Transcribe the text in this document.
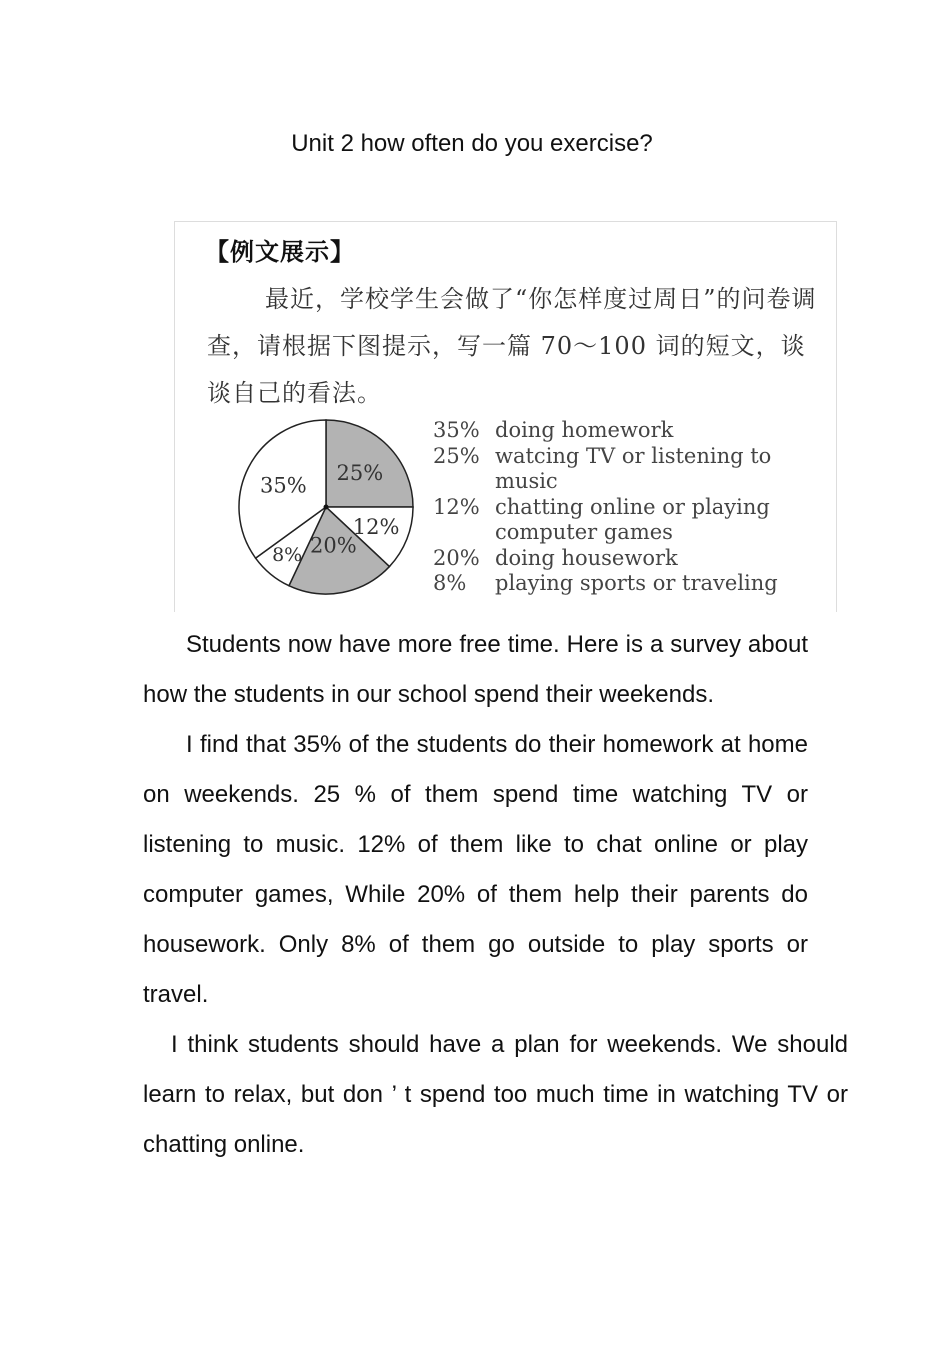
Unit 2 how often do you exercise?
【例文展示】
最近，学校学生会做了“你怎样度过周日”的问卷调查，请根据下图提示，写一篇 70～100 词的短文，谈谈自己的看法。
25%
12%
20%
8%
35%
35% doing homework
25% watcing TV or listening to music
12% chatting online or playing computer games
20% doing housework
8%	playing sports or traveling

Students now have more free time. Here is a survey about how the students in our school spend their weekends.

I find that 35% of the students do their homework at home on weekends. 25 % of them spend time watching TV or listening to music. 12% of them like to chat online or play computer games, While 20% of them help their parents do housework. Only 8% of them go outside to play sports or travel.

I think students should have a plan for weekends. We should learn to relax, but don ’ t spend too much time in watching TV or chatting online.
